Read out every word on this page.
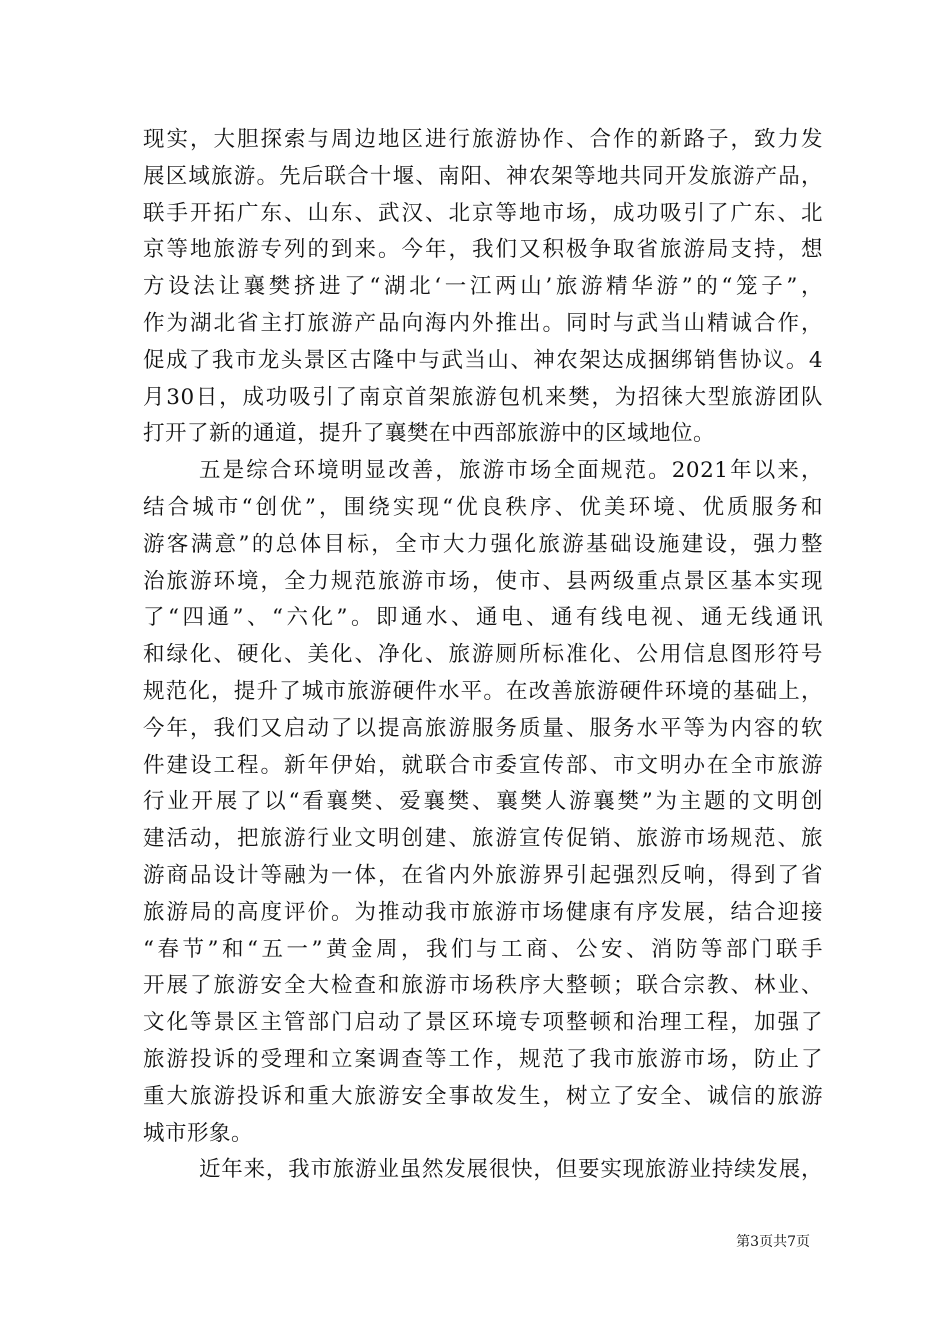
现实，大胆探索与周边地区进行旅游协作、合作的新路子，致力发
展区域旅游。先后联合十堰、南阳、神农架等地共同开发旅游产品，
联手开拓广东、山东、武汉、北京等地市场，成功吸引了广东、北
京等地旅游专列的到来。今年，我们又积极争取省旅游局支持，想
方设法让襄樊挤进了“湖北‘一江两山’旅游精华游”的“笼子”，
作为湖北省主打旅游产品向海内外推出。同时与武当山精诚合作，
促成了我市龙头景区古隆中与武当山、神农架达成捆绑销售协议。4
月30日，成功吸引了南京首架旅游包机来樊，为招徕大型旅游团队
打开了新的通道，提升了襄樊在中西部旅游中的区域地位。
五是综合环境明显改善，旅游市场全面规范。2021年以来，
结合城市“创优”，围绕实现“优良秩序、优美环境、优质服务和
游客满意”的总体目标，全市大力强化旅游基础设施建设，强力整
治旅游环境，全力规范旅游市场，使市、县两级重点景区基本实现
了“四通”、“六化”。即通水、通电、通有线电视、通无线通讯
和绿化、硬化、美化、净化、旅游厕所标准化、公用信息图形符号
规范化，提升了城市旅游硬件水平。在改善旅游硬件环境的基础上，
今年，我们又启动了以提高旅游服务质量、服务水平等为内容的软
件建设工程。新年伊始，就联合市委宣传部、市文明办在全市旅游
行业开展了以“看襄樊、爱襄樊、襄樊人游襄樊”为主题的文明创
建活动，把旅游行业文明创建、旅游宣传促销、旅游市场规范、旅
游商品设计等融为一体，在省内外旅游界引起强烈反响，得到了省
旅游局的高度评价。为推动我市旅游市场健康有序发展，结合迎接
“春节”和“五一”黄金周，我们与工商、公安、消防等部门联手
开展了旅游安全大检查和旅游市场秩序大整顿；联合宗教、林业、
文化等景区主管部门启动了景区环境专项整顿和治理工程，加强了
旅游投诉的受理和立案调查等工作，规范了我市旅游市场，防止了
重大旅游投诉和重大旅游安全事故发生，树立了安全、诚信的旅游
城市形象。
近年来，我市旅游业虽然发展很快，但要实现旅游业持续发展，
第3页共7页
